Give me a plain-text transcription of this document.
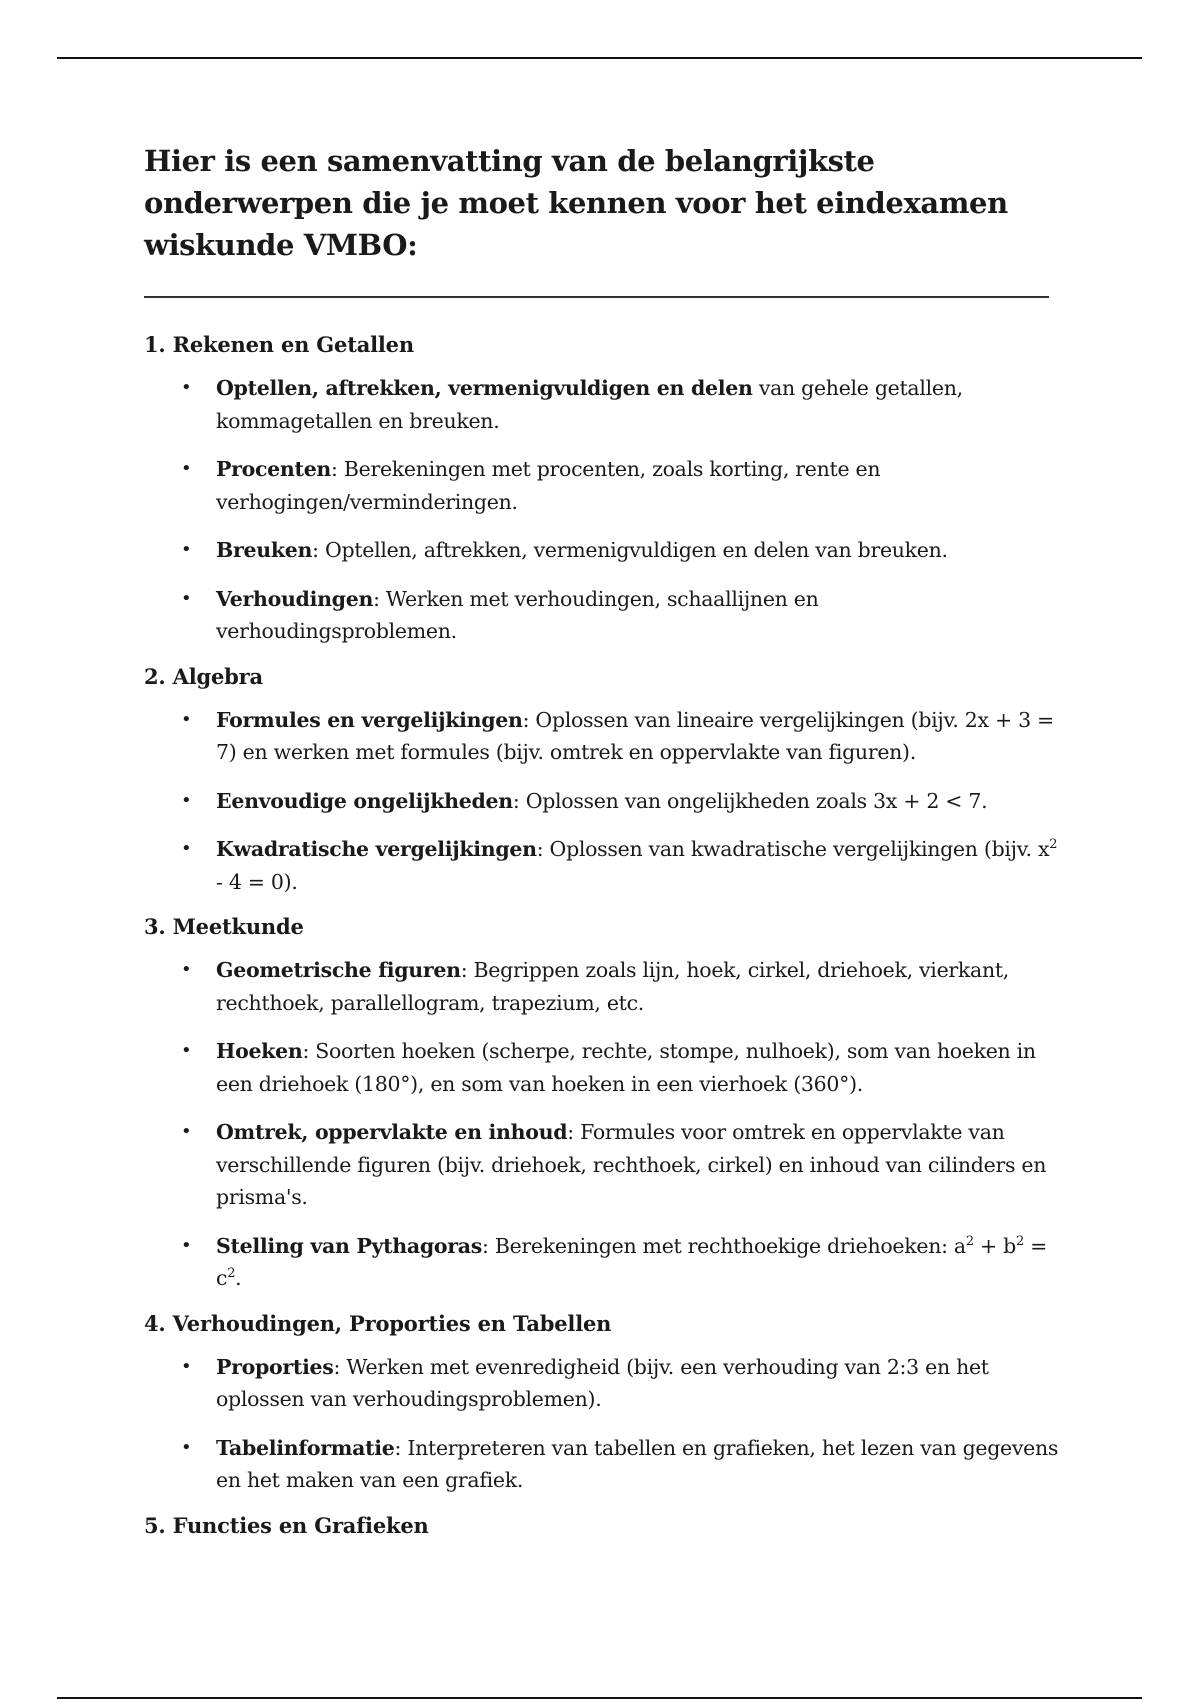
Hier is een samenvatting van de belangrijkste onderwerpen die je moet kennen voor het eindexamen wiskunde VMBO:
1. Rekenen en Getallen
• Optellen, aftrekken, vermenigvuldigen en delen van gehele getallen, kommagetallen en breuken.
• Procenten: Berekeningen met procenten, zoals korting, rente en verhogingen/verminderingen.
• Breuken: Optellen, aftrekken, vermenigvuldigen en delen van breuken.
• Verhoudingen: Werken met verhoudingen, schaallijnen en verhoudingsproblemen.
2. Algebra
• Formules en vergelijkingen: Oplossen van lineaire vergelijkingen (bijv. 2x + 3 = 7) en werken met formules (bijv. omtrek en oppervlakte van figuren).
• Eenvoudige ongelijkheden: Oplossen van ongelijkheden zoals 3x + 2 < 7.
• Kwadratische vergelijkingen: Oplossen van kwadratische vergelijkingen (bijv. $x^2 - 4 = 0$).
3. Meetkunde
• Geometrische figuren: Begrippen zoals lijn, hoek, cirkel, driehoek, vierkant, rechthoek, parallellogram, trapezium, etc.
• Hoeken: Soorten hoeken (scherpe, rechte, stompe, nulhoek), som van hoeken in een driehoek (180°), en som van hoeken in een vierhoek (360°).
• Omtrek, oppervlakte en inhoud: Formules voor omtrek en oppervlakte van verschillende figuren (bijv. driehoek, rechthoek, cirkel) en inhoud van cilinders en prisma's.
• Stelling van Pythagoras: Berekeningen met rechthoekige driehoeken: $a^2 + b^2 = c^2$.
4. Verhoudingen, Proporties en Tabellen
• Proporties: Werken met evenredigheid (bijv. een verhouding van 2:3 en het oplossen van verhoudingsproblemen).
• Tabelinformatie: Interpreteren van tabellen en grafieken, het lezen van gegevens en het maken van een grafiek.
5. Functies en Grafieken
